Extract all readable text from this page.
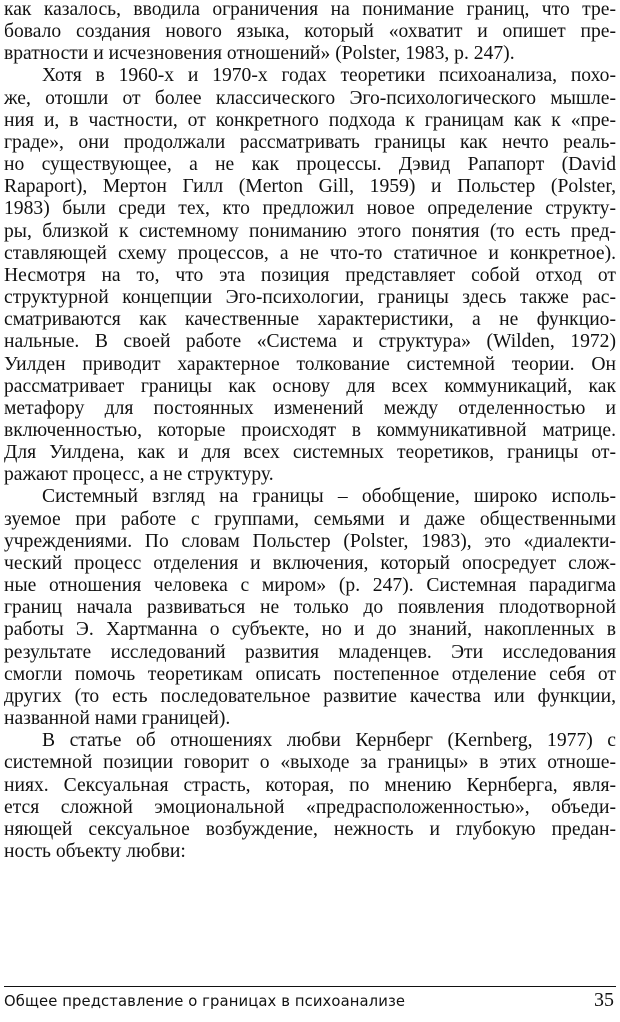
как казалось, вводила ограничения на понимание границ, что тре-
бовало создания нового языка, который «охватит и опишет пре-
вратности и исчезновения отношений» (Polster, 1983, p. 247).
Хотя в 1960-х и 1970-х годах теоретики психоанализа, похо-
же, отошли от более классического Эго-психологического мышле-
ния и, в частности, от конкретного подхода к границам как к «пре-
граде», они продолжали рассматривать границы как нечто реаль-
но существующее, а не как процессы. Дэвид Рапапорт (David
Rapaport), Мертон Гилл (Merton Gill, 1959) и Польстер (Polster,
1983) были среди тех, кто предложил новое определение структу-
ры, близкой к системному пониманию этого понятия (то есть пред-
ставляющей схему процессов, а не что-то статичное и конкретное).
Несмотря на то, что эта позиция представляет собой отход от
структурной концепции Эго-психологии, границы здесь также рас-
сматриваются как качественные характеристики, а не функцио-
нальные. В своей работе «Система и структура» (Wilden, 1972)
Уилден приводит характерное толкование системной теории. Он
рассматривает границы как основу для всех коммуникаций, как
метафору для постоянных изменений между отделенностью и
включенностью, которые происходят в коммуникативной матрице.
Для Уилдена, как и для всех системных теоретиков, границы от-
ражают процесс, а не структуру.
Системный взгляд на границы – обобщение, широко исполь-
зуемое при работе с группами, семьями и даже общественными
учреждениями. По словам Польстер (Polster, 1983), это «диалекти-
ческий процесс отделения и включения, который опосредует слож-
ные отношения человека с миром» (p. 247). Системная парадигма
границ начала развиваться не только до появления плодотворной
работы Э. Хартманна о субъекте, но и до знаний, накопленных в
результате исследований развития младенцев. Эти исследования
смогли помочь теоретикам описать постепенное отделение себя от
других (то есть последовательное развитие качества или функции,
названной нами границей).
В статье об отношениях любви Кернберг (Kernberg, 1977) с
системной позиции говорит о «выходе за границы» в этих отноше-
ниях. Сексуальная страсть, которая, по мнению Кернберга, явля-
ется сложной эмоциональной «предрасположенностью», объеди-
няющей сексуальное возбуждение, нежность и глубокую предан-
ность объекту любви:
Общее представление о границах в психоанализе	35
